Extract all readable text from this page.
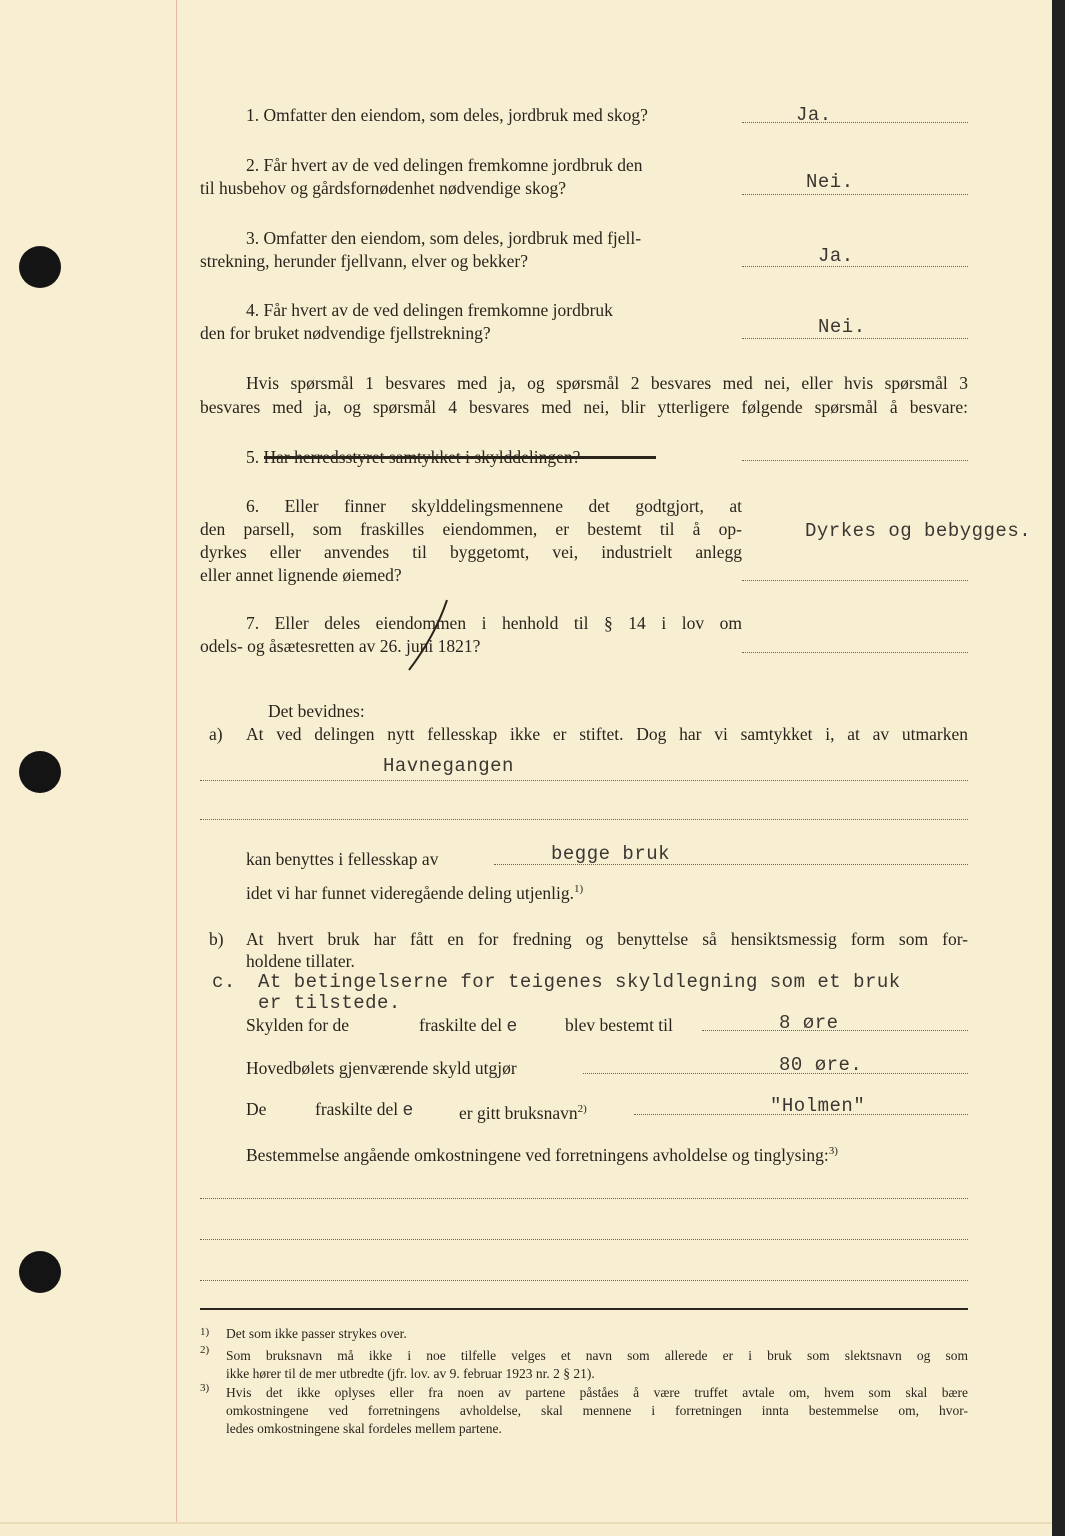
1. Omfatter den eiendom, som deles, jordbruk med skog?	Ja.
2. Får hvert av de ved delingen fremkomne jordbruk den
til husbehov og gårdsfornødenhet nødvendige skog?	Nei.
3. Omfatter den eiendom, som deles, jordbruk med fjell-
strekning, herunder fjellvann, elver og bekker?	Ja.
4. Får hvert av de ved delingen fremkomne jordbruk
den for bruket nødvendige fjellstrekning?	Nei.
Hvis spørsmål 1 besvares med ja, og spørsmål 2 besvares med nei, eller hvis spørsmål 3
besvares med ja, og spørsmål 4 besvares med nei, blir ytterligere følgende spørsmål å besvare:
5. Har herredsstyret samtykket i skylddelingen?
6. Eller finner skylddelingsmennene det godtgjort, at
den parsell, som fraskilles eiendommen, er bestemt til å op-
dyrkes eller anvendes til byggetomt, vei, industrielt anlegg
eller annet lignende øiemed?
Dyrkes og bebygges.
7. Eller deles eiendommen i henhold til § 14 i lov om
odels- og åsætesretten av 26. juni 1821?
Det bevidnes:
a) At ved delingen nytt fellesskap ikke er stiftet. Dog har vi samtykket i, at av utmarken
Havnegangen
kan benyttes i fellesskap av	begge bruk
idet vi har funnet videregående deling utjenlig.$^{1)}$
b) At hvert bruk har fått en for fredning og benyttelse så hensiktsmessig form som for-
holdene tillater.
c. At betingelserne for teigenes skyldlegning som et bruk
er tilstede.
Skylden for de	fraskilte del e	blev bestemt til	8 øre
Hovedbølets gjenværende skyld utgjør	80 øre.
De	fraskilte del e	er gitt bruksnavn$^{2)}$	"Holmen"
Bestemmelse angående omkostningene ved forretningens avholdelse og tinglysing:$^{3)}$
1) Det som ikke passer strykes over.
2) Som bruksnavn må ikke i noe tilfelle velges et navn som allerede er i bruk som slektsnavn og som
ikke hører til de mer utbredte (jfr. lov. av 9. februar 1923 nr. 2 § 21).
3) Hvis det ikke oplyses eller fra noen av partene påståes å være truffet avtale om, hvem som skal bære
omkostningene ved forretningens avholdelse, skal mennene i forretningen innta bestemmelse om, hvor-
ledes omkostningene skal fordeles mellem partene.
